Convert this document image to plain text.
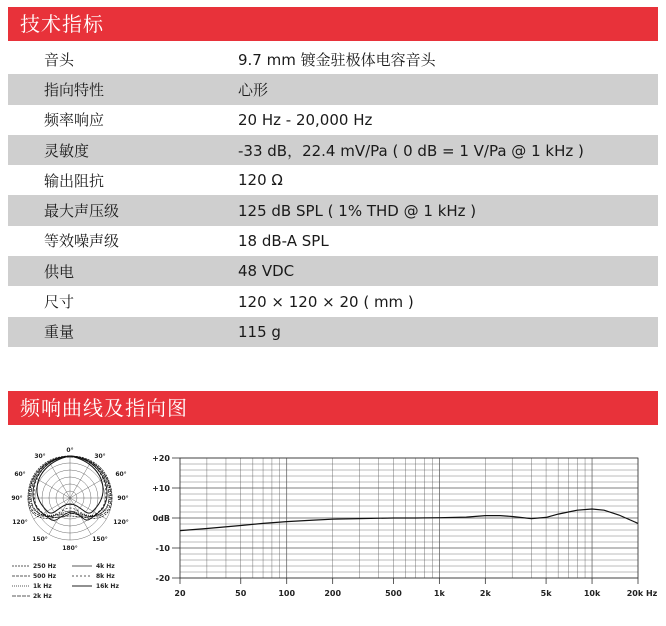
技术指标
音头	9.7 mm 镀金驻极体电容音头
指向特性	心形
频率响应	20 Hz - 20,000 Hz
灵敏度	-33 dB，22.4 mV/Pa ( 0 dB = 1 V/Pa @ 1 kHz )
输出阻抗	120 Ω
最大声压级	125 dB SPL ( 1% THD @ 1 kHz )
等效噪声级	18 dB-A SPL
供电	48 VDC
尺寸	120 × 120 × 20 ( mm )
重量	115 g
频响曲线及指向图
0°
30°	30°
60°	60°
90°	90°
120°	120°
150°	150°
180°
250 Hz
500 Hz
1k Hz
2k Hz
4k Hz
8k Hz
16k Hz
+20
+10
0dB
-10
-20
20	50	100	200	500	1k	2k	5k	10k	20k Hz
